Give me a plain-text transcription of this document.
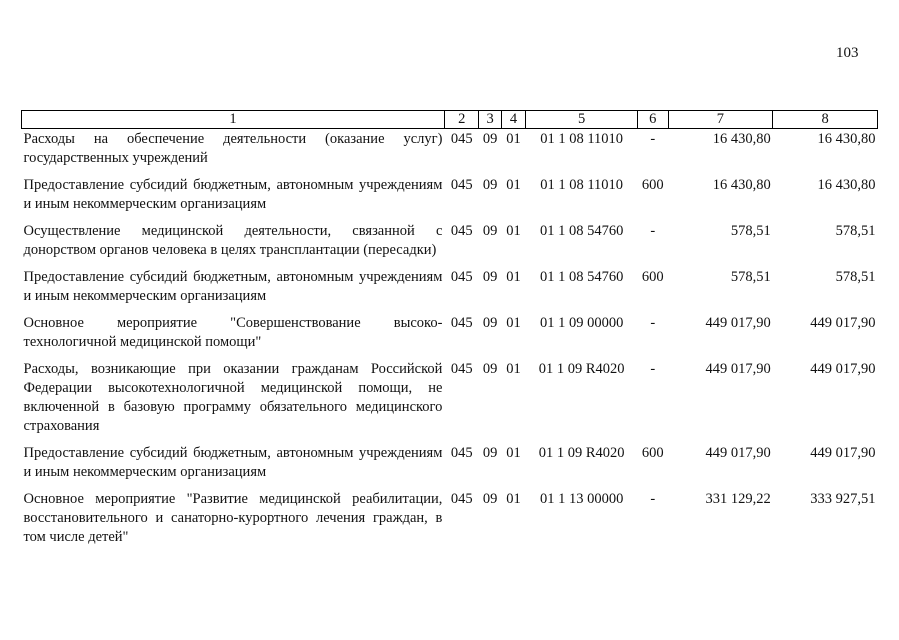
103
1	2	3	4	5	6	7	8
Расходы на обеспечение деятельности (оказание услуг) государственных учреждений	045	09	01	01 1 08 11010	-	16 430,80	16 430,80
Предоставление субсидий бюджетным, автономным учреждениям и иным некоммерческим организациям	045	09	01	01 1 08 11010	600	16 430,80	16 430,80
Осуществление медицинской деятельности, связанной с донорством органов человека в целях трансплантации (пересадки)	045	09	01	01 1 08 54760	-	578,51	578,51
Предоставление субсидий бюджетным, автономным учреждениям и иным некоммерческим организациям	045	09	01	01 1 08 54760	600	578,51	578,51
Основное мероприятие "Совершенствование высоко-технологичной медицинской помощи"	045	09	01	01 1 09 00000	-	449 017,90	449 017,90
Расходы, возникающие при оказании гражданам Российской Федерации высокотехнологичной медицинской помощи, не включенной в базовую программу обязательного медицинского страхования	045	09	01	01 1 09 R4020	-	449 017,90	449 017,90
Предоставление субсидий бюджетным, автономным учреждениям и иным некоммерческим организациям	045	09	01	01 1 09 R4020	600	449 017,90	449 017,90
Основное мероприятие "Развитие медицинской реабилитации, восстановительного и санаторно-курортного лечения граждан, в том числе детей"	045	09	01	01 1 13 00000	-	331 129,22	333 927,51
